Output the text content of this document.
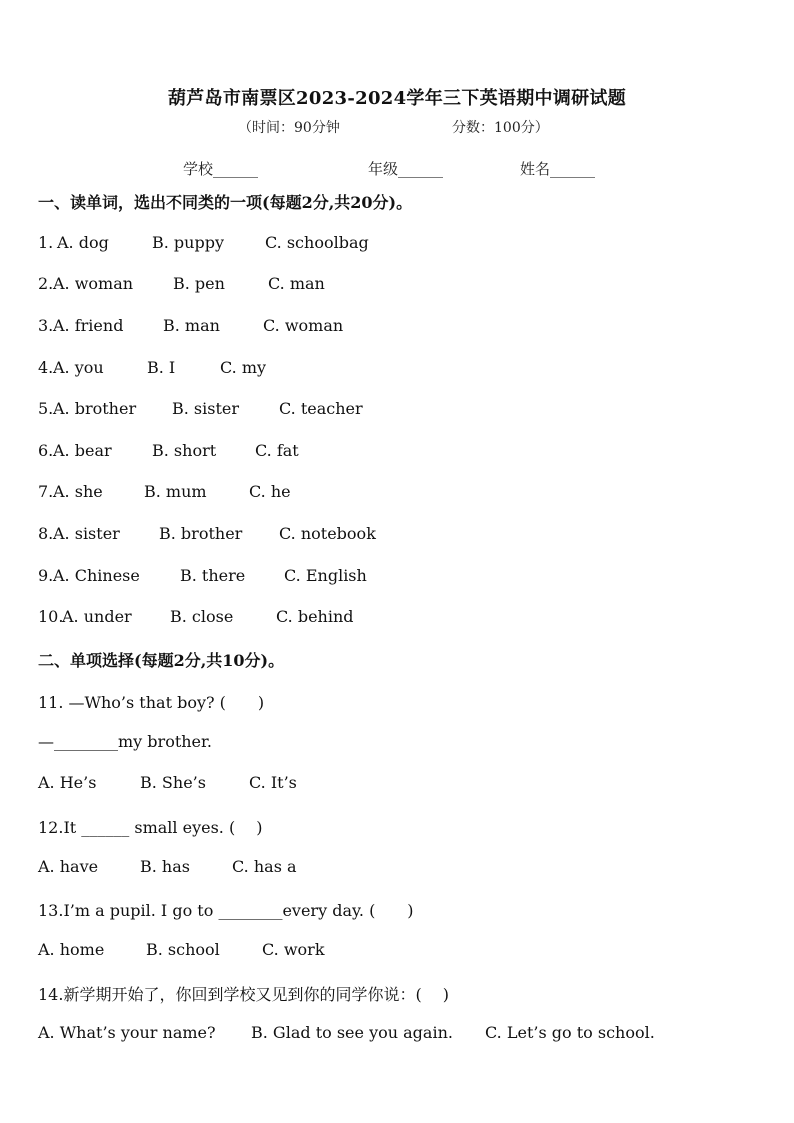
葫芦岛市南票区2023-2024学年三下英语期中调研试题
（时间：90分钟	分数：100分）
学校______	年级______	姓名______
一、读单词，选出不同类的一项(每题2分,共20分)。
1. A. dog	B. puppy	C. schoolbag
2. A. woman B. pen	C. man
3. A. friend B. man	C. woman
4. A. you	B. I	C. my
5. A. brother B. sister C. teacher
6. A. bear	B. short C. fat
7. A. she	B. mum	C. he
8. A. sister B. brother C. notebook
9. A. Chinese	B. there C. English
10.
A. under B. close	C. behind
二、单项选择(每题2分,共10分)。
11. —Who’s that boy? (　　)
—________my brother.
A. He’s	B. She’s	C. It’s
12.It ______ small eyes. (　 )
A. have	B. has	C. has a
13.I’m a pupil. I go to ________every day. (　　)
A. home	B. school	C. work
14.新学期开始了，你回到学校又见到你的同学你说：(　 )
A. What’s your name? B. Glad to see you again. C. Let’s go to school.
